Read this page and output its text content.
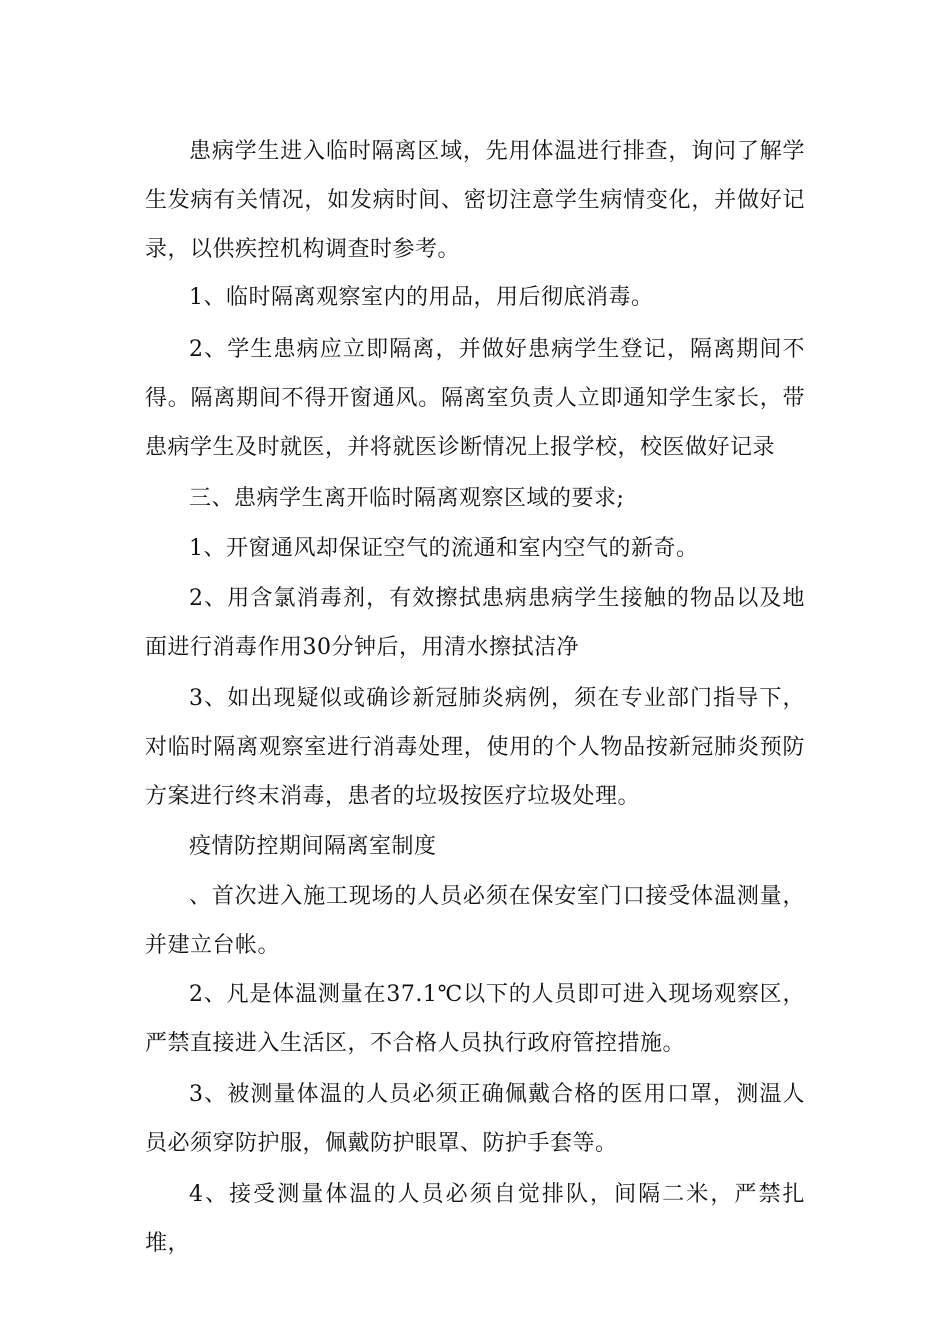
患病学生进入临时隔离区域，先用体温进行排查，询问了解学生发病有关情况，如发病时间、密切注意学生病情变化，并做好记录，以供疾控机构调查时参考。

1、临时隔离观察室内的用品，用后彻底消毒。

2、学生患病应立即隔离，并做好患病学生登记，隔离期间不得。隔离期间不得开窗通风。隔离室负责人立即通知学生家长，带患病学生及时就医，并将就医诊断情况上报学校，校医做好记录

三、患病学生离开临时隔离观察区域的要求;

1、开窗通风却保证空气的流通和室内空气的新奇。

2、用含氯消毒剂，有效擦拭患病患病学生接触的物品以及地面进行消毒作用30分钟后，用清水擦拭洁净

3、如出现疑似或确诊新冠肺炎病例，须在专业部门指导下，对临时隔离观察室进行消毒处理，使用的个人物品按新冠肺炎预防方案进行终末消毒，患者的垃圾按医疗垃圾处理。

疫情防控期间隔离室制度

、首次进入施工现场的人员必须在保安室门口接受体温测量，并建立台帐。

2、凡是体温测量在37.1℃以下的人员即可进入现场观察区，严禁直接进入生活区，不合格人员执行政府管控措施。

3、被测量体温的人员必须正确佩戴合格的医用口罩，测温人员必须穿防护服，佩戴防护眼罩、防护手套等。

4、接受测量体温的人员必须自觉排队，间隔二米，严禁扎堆，
